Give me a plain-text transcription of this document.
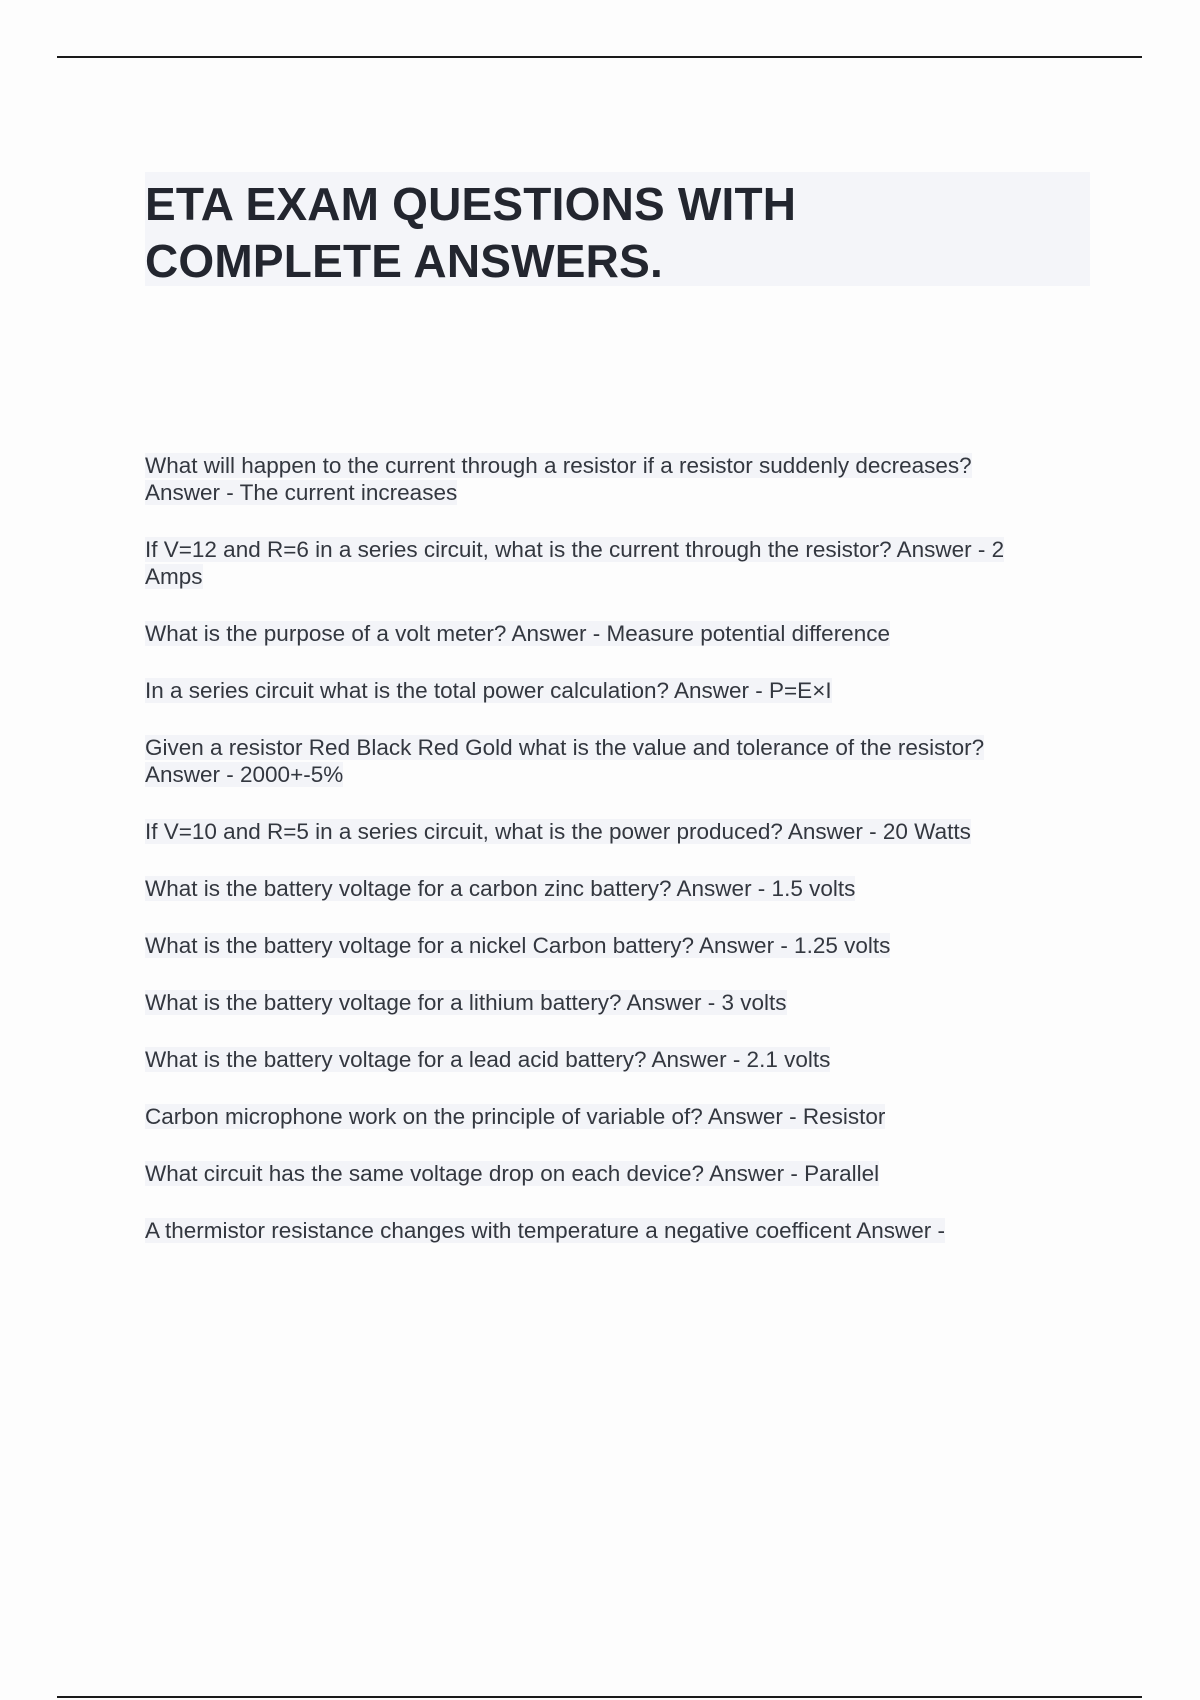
ETA EXAM QUESTIONS WITH
COMPLETE ANSWERS.
What will happen to the current through a resistor if a resistor suddenly decreases?
Answer - The current increases
If V=12 and R=6 in a series circuit, what is the current through the resistor? Answer - 2
Amps
What is the purpose of a volt meter? Answer - Measure potential difference
In a series circuit what is the total power calculation? Answer - P=E×I
Given a resistor Red Black Red Gold what is the value and tolerance of the resistor?
Answer - 2000+-5%
If V=10 and R=5 in a series circuit, what is the power produced? Answer - 20 Watts
What is the battery voltage for a carbon zinc battery? Answer - 1.5 volts
What is the battery voltage for a nickel Carbon battery? Answer - 1.25 volts
What is the battery voltage for a lithium battery? Answer - 3 volts
What is the battery voltage for a lead acid battery? Answer - 2.1 volts
Carbon microphone work on the principle of variable of? Answer - Resistor
What circuit has the same voltage drop on each device? Answer - Parallel
A thermistor resistance changes with temperature a negative coefficent Answer -
